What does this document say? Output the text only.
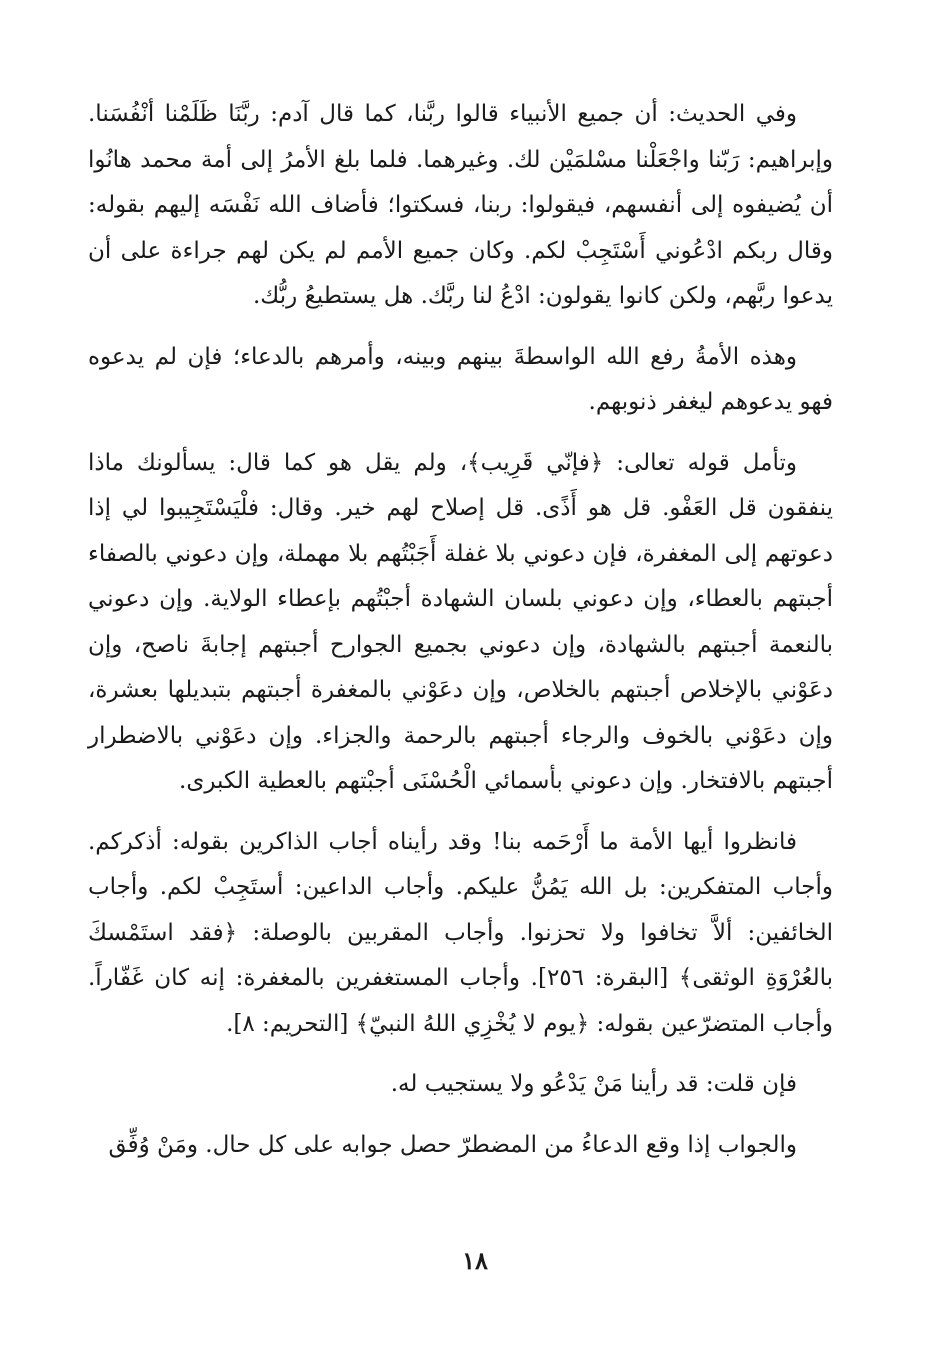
وفي الحديث: أن جميع الأنبياء قالوا ربَّنا، كما قال آدم: ربَّنَا ظَلَمْنا أنْفُسَنا. وإبراهيم: رَبّنا واجْعَلْنا مسْلمَيْن لك. وغيرهما. فلما بلغ الأمرُ إلى أمة محمد هانُوا أن يُضيفوه إلى أنفسهم، فيقولوا: ربنا، فسكتوا؛ فأضاف الله نَفْسَه إليهم بقوله: وقال ربكم ادْعُوني أَسْتَجِبْ لكم. وكان جميع الأمم لم يكن لهم جراءة على أن يدعوا ربَّهم، ولكن كانوا يقولون: ادْعُ لنا ربَّك. هل يستطيعُ ربُّك.

وهذه الأمةُ رفع الله الواسطةَ بينهم وبينه، وأمرهم بالدعاء؛ فإن لم يدعوه فهو يدعوهم ليغفر ذنوبهم.

وتأمل قوله تعالى: ﴿فإنّي قَرِيب﴾، ولم يقل هو كما قال: يسألونك ماذا ينفقون قل العَفْو. قل هو أَذًى. قل إصلاح لهم خير. وقال: فلْيَسْتَجِيبوا لي إذا دعوتهم إلى المغفرة، فإن دعوني بلا غفلة أَجَبْتُهم بلا مهملة، وإن دعوني بالصفاء أجبتهم بالعطاء، وإن دعوني بلسان الشهادة أجبْتُهم بإعطاء الولاية. وإن دعوني بالنعمة أجبتهم بالشهادة، وإن دعوني بجميع الجوارح أجبتهم إجابةَ ناصح، وإن دعَوْني بالإخلاص أجبتهم بالخلاص، وإن دعَوْني بالمغفرة أجبتهم بتبديلها بعشرة، وإن دعَوْني بالخوف والرجاء أجبتهم بالرحمة والجزاء. وإن دعَوْني بالاضطرار أجبتهم بالافتخار. وإن دعوني بأسمائي الْحُسْنَى أجبْتهم بالعطية الكبرى.

فانظروا أيها الأمة ما أَرْحَمه بنا! وقد رأيناه أجاب الذاكرين بقوله: أذكركم. وأجاب المتفكرين: بل الله يَمُنُّ عليكم. وأجاب الداعين: أستَجِبْ لكم. وأجاب الخائفين: ألاَّ تخافوا ولا تحزنوا. وأجاب المقربين بالوصلة: ﴿فقد استَمْسكَ بالعُرْوَةِ الوثقى﴾ [البقرة: ٢٥٦]. وأجاب المستغفرين بالمغفرة: إنه كان غَفّاراً. وأجاب المتضرّعين بقوله: ﴿يوم لا يُخْزِي اللهُ النبيّ﴾ [التحريم: ٨].

فإن قلت: قد رأينا مَنْ يَدْعُو ولا يستجيب له.

والجواب إذا وقع الدعاءُ من المضطرّ حصل جوابه على كل حال. ومَنْ وُفِّق

١٨
